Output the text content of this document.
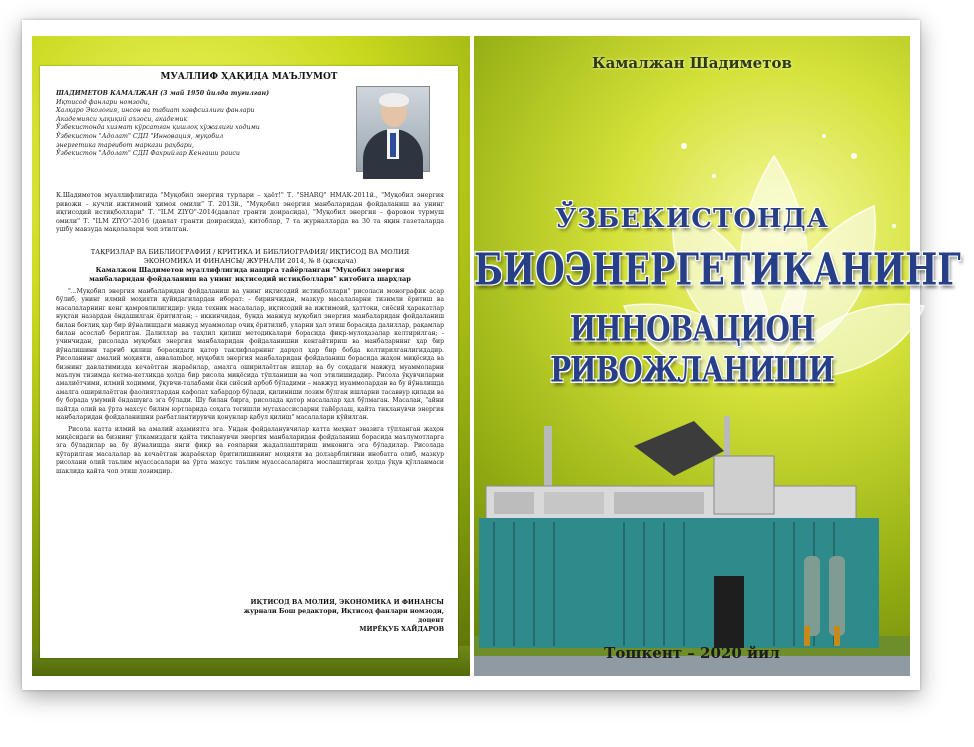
МУАЛЛИФ ҲАҚИДА МАЪЛУМОТ
ШАДИМЕТОВ КАМАЛЖАН (3 май 1950 йилда туғилган)
Иқтисод фанлари номзоди,
Халқаро Экология, инсон ва табиат хавфсизлиги фанлари
Академияси ҳақиқий аъзоси, академик
Ўзбекистонда хизмат кўрсатган қишлоқ хўжалиги ходими
Ўзбекистон "Адолат" СДП "Инновация, муқобил
энергетика тарғибот маркази раҳбари,
Ўзбекистон "Адолат" СДП Фахрийлар Кенгаши раиси
К.Шадиметов муаллифлигида "Муқобил энергия турлари – ҳаёт!" Т. "SHARQ" НМАК-2011й., "Муқобил энергия ривожи – кучли ижтимоий ҳимоя омили" Т. 2013й., "Муқобил энергия манбаларидан фойдаланиш ва унинг иқтисодий истиқболлари" Т. "ILM ZIYO"-2014(давлат гранти доирасида), "Муқобил энергия – фаровон турмуш омили" Т. "ILM ZIYO"-2016 (давлат гранти доирасида), китоблар, 7 та журналларда ва 30 та яқин газеталарда ушбу мавзуда мақолалари чоп этилган.
ТАҚРИЗЛАР ВА БИБЛИОГРАФИЯ / КРИТИКА И БИБЛИОГРАФИЯ/ ИҚТИСОД ВА МОЛИЯ
ЭКОНОМИКА И ФИНАНСЫ/ ЖУРНАЛИ 2014, № 8 (қисқача)
Камалжон Шадиметов муаллифлигида нашрга тайёрланган "Муқобил энергия
манбаларидан фойдаланиш ва унинг иқтисодий истиқболлари" китобига шарҳлар

"...Муқобил энергия манбаларидан фойдаланиш ва унинг иқтисодий истиқболлари" рисоласи монографик асар бўлиб, унинг илмий моҳияти қуйидагилардан иборат: - биринчидан, мазкур масалаларни тизимли ёритиш ва масалаларнинг кенг қамровлилигидир: унда техник масалалар, иқтисодий ва ижтимоий, ҳаттоки, сиёсий ҳаракатлар нуқтаи назардан ёндашилган ёритилган; - иккинчидан, бунда мавжуд муқобил энергия манбаларидан фойдаланиш билан боғлиқ ҳар бир йўналишдаги мавжуд муаммолар очиқ ёритилиб, уларни ҳал этиш борасида далиллар, рақамлар билан асослаб берилган. Далиллар ва таҳлил қилиш методикалари борасида фикр-мулоҳазалар келтирилган; - учинчидан, рисолада муқобил энергия манбаларидан фойдаланишни кенгайтириш ва манбаларнинг ҳар бир йўналишини тарғиб қилиш борасидаги қатор таклифларнинг дарҳол ҳар бир бобда келтирилганлигидадир. Рисоланинг амалий моҳияти, аввалambor, муқобил энергия манбаларидан фойдаланиш борасида жаҳон миқёсида ва бизнинг давлатимизда кечаётган жараёнлар, амалга оширилаётган ишлар ва бу соҳадаги мавжуд муаммоларни маълум тизимда кетма-кетликда ҳолда бир рисола миқёсида тўпланиши ва чоп этилишидадир. Рисола ўқувчиларни амалиётчими, илмий ходимми, ўқувчи-талабами ёки сиёсий арбоб бўладими – мавжуд муаммолардан ва бу йўналишда амалга оширилаётган фаолиятлардан кафолат хабардор бўлади, қилиниши лозим бўлган ишларни тасаввур қилади ва бу борада умумий ёндашувга эга бўлади. Шу билан бирга, рисолада қатор масалалар ҳал бўлмаган. Масалан, "айни пайтда олий ва ўрта махсус билим юртларида соҳага тегишли мутахассисларни тайёрлаш, қайта тикланувчи энергия манбаларидан фойдаланишни рағбатлантирувчи қонунлар қабул қилиш" масалалари кўйилган.

Рисола катта илмий ва амалий аҳамиятга эга. Ундан фойдаланувчилар катта меҳнат эвазига тўпланган жаҳон миқёсидаги ва бизнинг ўлкамиздаги қайта тикланувчи энергия манбаларидан фойдаланиш борасида маълумотларга эга бўладилар ва бу йўналишда янги фикр ва ғояларни жадаллаштириш имконига эга бўладилар. Рисолада кўтарилган масалалар ва кечаётган жараёнлар ёритилишининг моҳияти ва долзарблигини инобатга олиб, мазкур рисолани олий таълим муассасалари ва ўрта махсус таълим муассасаларига мослаштирган ҳолда ўқув қўлланмаси шаклида қайта чоп этиш лозимдир.

ИҚТИСОД ВА МОЛИЯ, ЭКОНОМИКА И ФИНАНСЫ
журнали Бош редактори, Иқтисод фанлари номзоди, доцент
МИРЁҚУБ ХАЙДАРОВ
Камалжан Шадиметов
ЎЗБЕКИСТОНДА
БИОЭНЕРГЕТИКАНИНГ
ИННОВАЦИОН РИВОЖЛАНИШИ
Тошкент – 2020 йил
